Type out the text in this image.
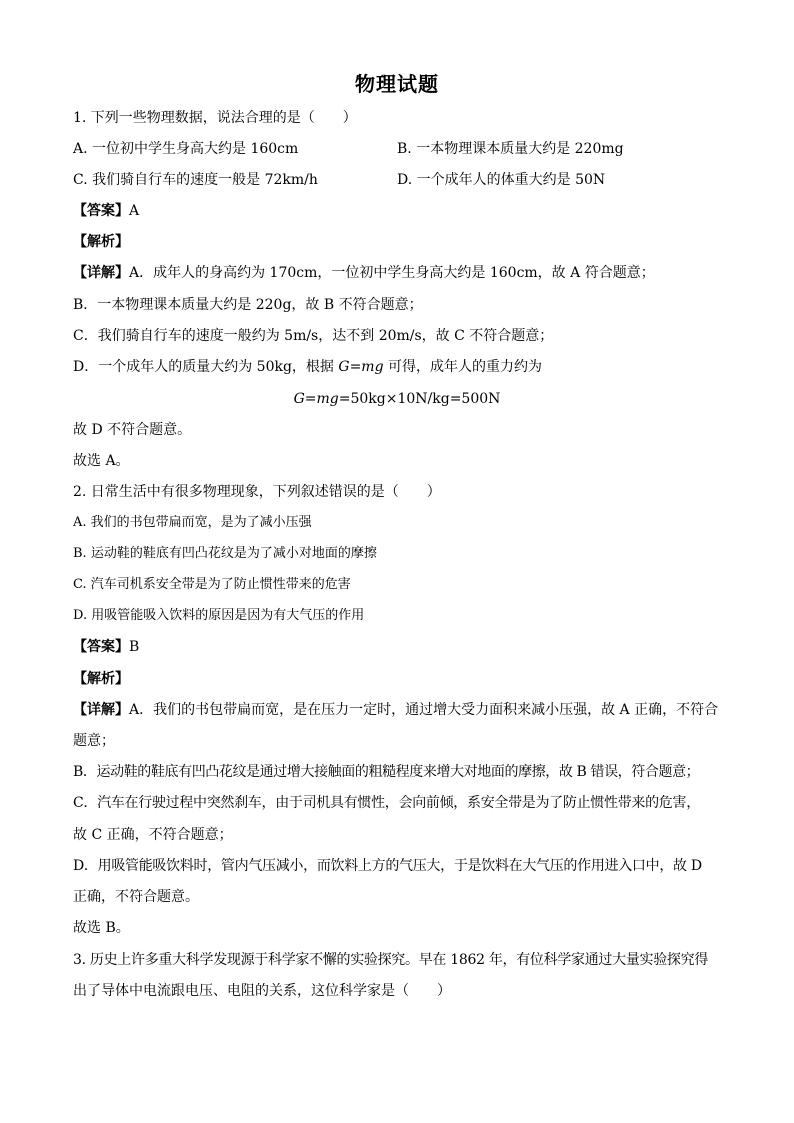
物理试题
1. 下列一些物理数据，说法合理的是（　　）
A. 一位初中学生身高大约是 160cm	B. 一本物理课本质量大约是 220mg
C. 我们骑自行车的速度一般是 72km/h	D. 一个成年人的体重大约是 50N
【答案】A
【解析】
【详解】A．成年人的身高约为 170cm，一位初中学生身高大约是 160cm，故 A 符合题意；
B．一本物理课本质量大约是 220g，故 B 不符合题意；
C．我们骑自行车的速度一般约为 5m/s，达不到 20m/s，故 C 不符合题意；
D．一个成年人的质量大约为 50kg，根据 G=mg 可得，成年人的重力约为
G=mg=50kg×10N/kg=500N
故 D 不符合题意。
故选 A。
2. 日常生活中有很多物理现象，下列叙述错误的是（　　）
A. 我们的书包带扁而宽，是为了减小压强
B. 运动鞋的鞋底有凹凸花纹是为了减小对地面的摩擦
C. 汽车司机系安全带是为了防止惯性带来的危害
D. 用吸管能吸入饮料的原因是因为有大气压的作用
【答案】B
【解析】
【详解】A．我们的书包带扁而宽，是在压力一定时，通过增大受力面积来减小压强，故 A 正确，不符合
题意；
B．运动鞋的鞋底有凹凸花纹是通过增大接触面的粗糙程度来增大对地面的摩擦，故 B 错误，符合题意；
C．汽车在行驶过程中突然刹车，由于司机具有惯性，会向前倾，系安全带是为了防止惯性带来的危害，
故 C 正确，不符合题意；
D．用吸管能吸饮料时，管内气压减小，而饮料上方的气压大，于是饮料在大气压的作用进入口中，故 D
正确，不符合题意。
故选 B。
3. 历史上许多重大科学发现源于科学家不懈的实验探究。早在 1862 年，有位科学家通过大量实验探究得
出了导体中电流跟电压、电阻的关系，这位科学家是（　　）
